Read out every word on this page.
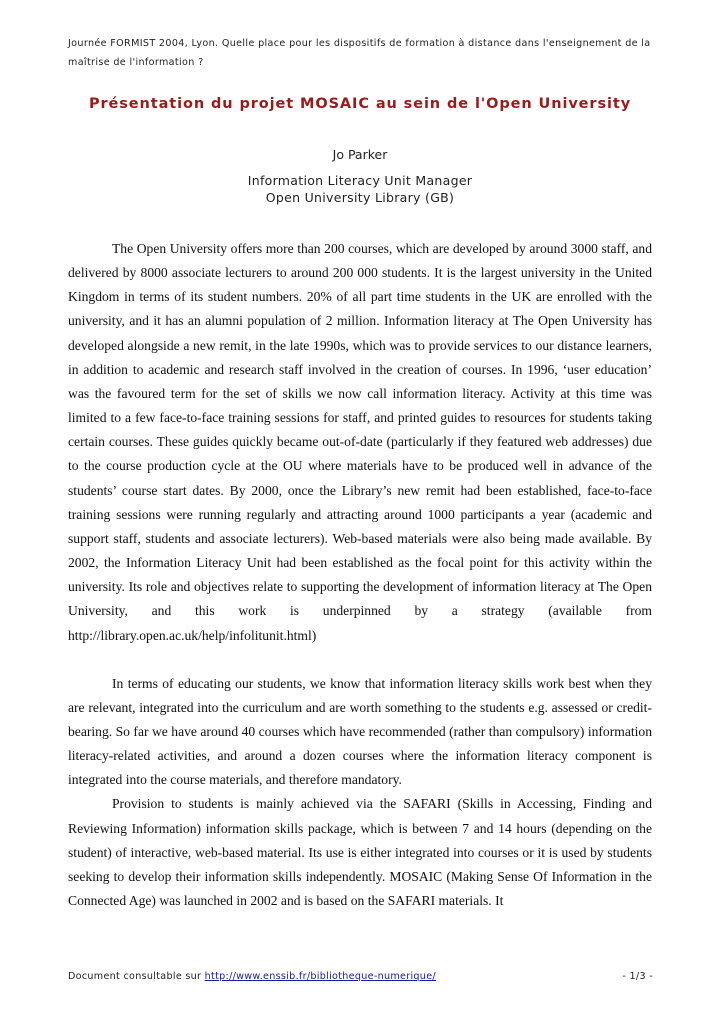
Journée FORMIST 2004, Lyon. Quelle place pour les dispositifs de formation à distance dans l'enseignement de la maîtrise de l'information ?
Présentation du projet MOSAIC au sein de l'Open University
Jo Parker
Information Literacy Unit Manager
Open University Library (GB)

The Open University offers more than 200 courses, which are developed by around 3000 staff, and delivered by 8000 associate lecturers to around 200 000 students. It is the largest university in the United Kingdom in terms of its student numbers. 20% of all part time students in the UK are enrolled with the university, and it has an alumni population of 2 million. Information literacy at The Open University has developed alongside a new remit, in the late 1990s, which was to provide services to our distance learners, in addition to academic and research staff involved in the creation of courses. In 1996, ‘user education’ was the favoured term for the set of skills we now call information literacy. Activity at this time was limited to a few face-to-face training sessions for staff, and printed guides to resources for students taking certain courses. These guides quickly became out-of-date (particularly if they featured web addresses) due to the course production cycle at the OU where materials have to be produced well in advance of the students’ course start dates. By 2000, once the Library’s new remit had been established, face-to-face training sessions were running regularly and attracting around 1000 participants a year (academic and support staff, students and associate lecturers). Web-based materials were also being made available. By 2002, the Information Literacy Unit had been established as the focal point for this activity within the university. Its role and objectives relate to supporting the development of information literacy at The Open University, and this work is underpinned by a strategy (available from http://library.open.ac.uk/help/infolitunit.html)

In terms of educating our students, we know that information literacy skills work best when they are relevant, integrated into the curriculum and are worth something to the students e.g. assessed or credit-bearing. So far we have around 40 courses which have recommended (rather than compulsory) information literacy-related activities, and around a dozen courses where the information literacy component is integrated into the course materials, and therefore mandatory.

Provision to students is mainly achieved via the SAFARI (Skills in Accessing, Finding and Reviewing Information) information skills package, which is between 7 and 14 hours (depending on the student) of interactive, web-based material. Its use is either integrated into courses or it is used by students seeking to develop their information skills independently. MOSAIC (Making Sense Of Information in the Connected Age) was launched in 2002 and is based on the SAFARI materials. It

Document consultable sur http://www.enssib.fr/bibliotheque-numerique/	- 1/3 -
